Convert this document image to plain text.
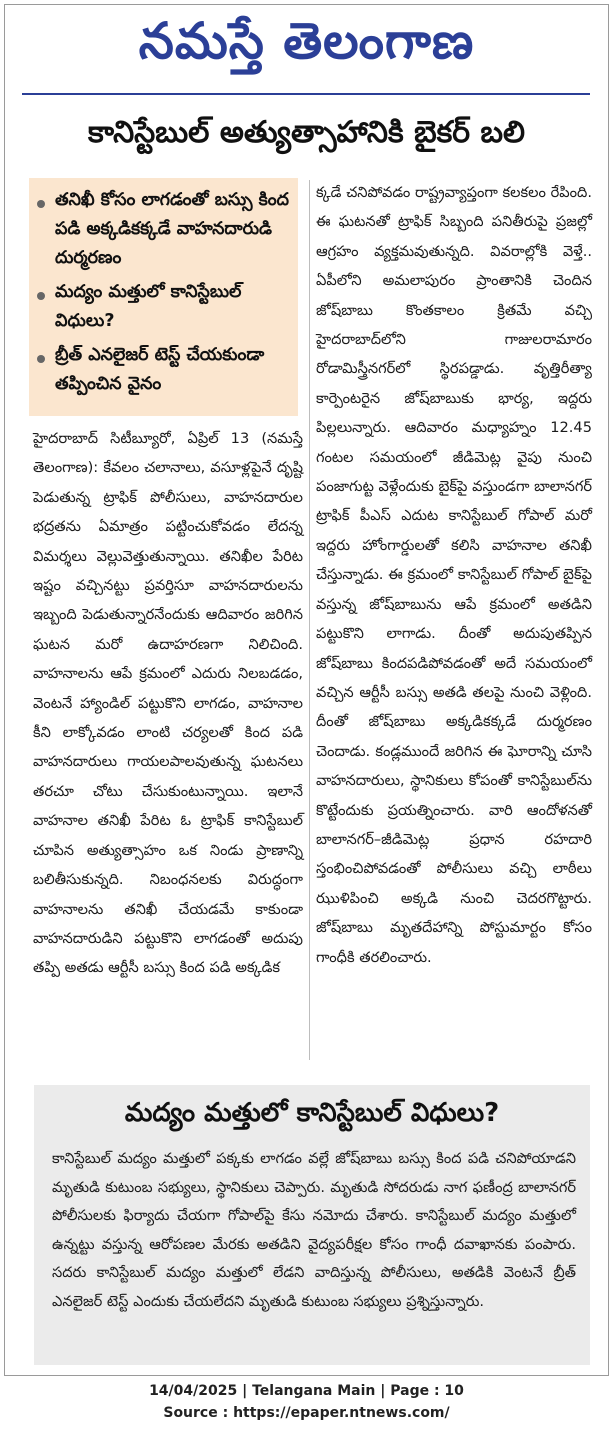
నమస్తే తెలంగాణ
కానిస్టేబుల్ అత్యుత్సాహానికి బైకర్ బలి
తనిఖీ కోసం లాగడంతో బస్సు కింద పడి అక్కడికక్కడే వాహనదారుడి దుర్మరణం
మద్యం మత్తులో కానిస్టేబుల్ విధులు?
బ్రీత్ ఎనలైజర్ టెస్ట్ చేయకుండా తప్పించిన వైనం

హైదరాబాద్ సిటీబ్యూరో, ఏప్రిల్ 13 (నమస్తే తెలంగాణ): కేవలం చలానాలు, వసూళ్లపైనే దృష్టి పెడుతున్న ట్రాఫిక్ పోలీసులు, వాహనదారుల భద్రతను ఏమాత్రం పట్టించుకోవడం లేదన్న విమర్శలు వెల్లువెత్తుతున్నాయి. తనిఖీల పేరిట ఇష్టం వచ్చినట్టు ప్రవర్తిసూ వాహనదారులను ఇబ్బంది పెడుతున్నారనేందుకు ఆదివారం జరిగిన ఘటన మరో ఉదాహరణగా నిలిచింది. వాహనాలను ఆపే క్రమంలో ఎదురు నిలబడడం, వెంటనే హ్యాండిల్ పట్టుకొని లాగడం, వాహనాల కీని లాక్కోవడం లాంటి చర్యలతో కింద పడి వాహనదారులు గాయలపాలవుతున్న ఘటనలు తరచూ చోటు చేసుకుంటున్నాయి. ఇలానే వాహనాల తనిఖీ పేరిట ఓ ట్రాఫిక్ కానిస్టేబుల్ చూపిన అత్యుత్సాహం ఒక నిండు ప్రాణాన్ని బలితీసుకున్నది. నిబంధనలకు విరుద్ధంగా వాహనాలను తనిఖీ చేయడమే కాకుండా వాహనదారుడిని పట్టుకొని లాగడంతో అదుపు తప్పి అతడు ఆర్టీసీ బస్సు కింద పడి అక్కడిక

క్కడే చనిపోవడం రాష్ట్రవ్యాప్తంగా కలకలం రేపింది. ఈ ఘటనతో ట్రాఫిక్ సిబ్బంది పనితీరుపై ప్రజల్లో ఆగ్రహం వ్యక్తమవుతున్నది. వివరాల్లోకి వెళ్తే.. ఏపీలోని అమలాపురం ప్రాంతానికి చెందిన జోష్‌బాబు కొంతకాలం క్రితమే వచ్చి హైదరాబాద్‌లోని గాజులరామారం రోడామిస్త్రీనగర్‌లో స్థిరపడ్డాడు. వృత్తిరీత్యా కార్పెంటరైన జోష్‌బాబుకు భార్య, ఇద్దరు పిల్లలున్నారు. ఆదివారం మధ్యాహ్నం 12.45 గంటల సమయంలో జీడిమెట్ల వైపు నుంచి పంజాగుట్ట వెళ్లేందుకు బైక్‌పై వస్తుండగా బాలానగర్ ట్రాఫిక్ పీఎస్ ఎదుట కానిస్టేబుల్ గోపాల్ మరో ఇద్దరు హోంగార్డులతో కలిసి వాహనాల తనిఖీ చేస్తున్నాడు. ఈ క్రమంలో కానిస్టేబుల్ గోపాల్ బైక్‌పై వస్తున్న జోష్‌బాబును ఆపే క్రమంలో అతడిని పట్టుకొని లాగాడు. దీంతో అదుపుతప్పిన జోష్‌బాబు కిందపడిపోవడంతో అదే సమయంలో వచ్చిన ఆర్టీసీ బస్సు అతడి తలపై నుంచి వెళ్లింది. దీంతో జోష్‌బాబు అక్కడికక్కడే దుర్మరణం చెందాడు. కండ్లముందే జరిగిన ఈ ఘోరాన్ని చూసి వాహనదారులు, స్థానికులు కోపంతో కానిస్టేబుల్‌ను కొట్టేందుకు ప్రయత్నించారు. వారి ఆందోళనతో బాలానగర్–జీడిమెట్ల ప్రధాన రహదారి స్తంభించిపోవడంతో పోలీసులు వచ్చి లాఠీలు ఝుళిపించి అక్కడి నుంచి చెదరగొట్టారు. జోష్‌బాబు మృతదేహాన్ని పోస్టుమార్టం కోసం గాంధీకి తరలించారు.

మద్యం మత్తులో కానిస్టేబుల్ విధులు?
కానిస్టేబుల్ మద్యం మత్తులో పక్కకు లాగడం వల్లే జోష్‌బాబు బస్సు కింద పడి చనిపోయాడని మృతుడి కుటుంబ సభ్యులు, స్థానికులు చెప్పారు. మృతుడి సోదరుడు నాగ ఫణీంద్ర బాలానగర్ పోలీసులకు ఫిర్యాదు చేయగా గోపాల్‌పై కేసు నమోదు చేశారు. కానిస్టేబుల్ మద్యం మత్తులో ఉన్నట్టు వస్తున్న ఆరోపణల మేరకు అతడిని వైద్యపరీక్షల కోసం గాంధీ దవాఖానకు పంపారు. సదరు కానిస్టేబుల్ మద్యం మత్తులో లేడని వాదిస్తున్న పోలీసులు, అతడికి వెంటనే బ్రీత్ ఎనలైజర్ టెస్ట్ ఎందుకు చేయలేదని మృతుడి కుటుంబ సభ్యులు ప్రశ్నిస్తున్నారు.
14/04/2025 | Telangana Main | Page : 10
Source : https://epaper.ntnews.com/
